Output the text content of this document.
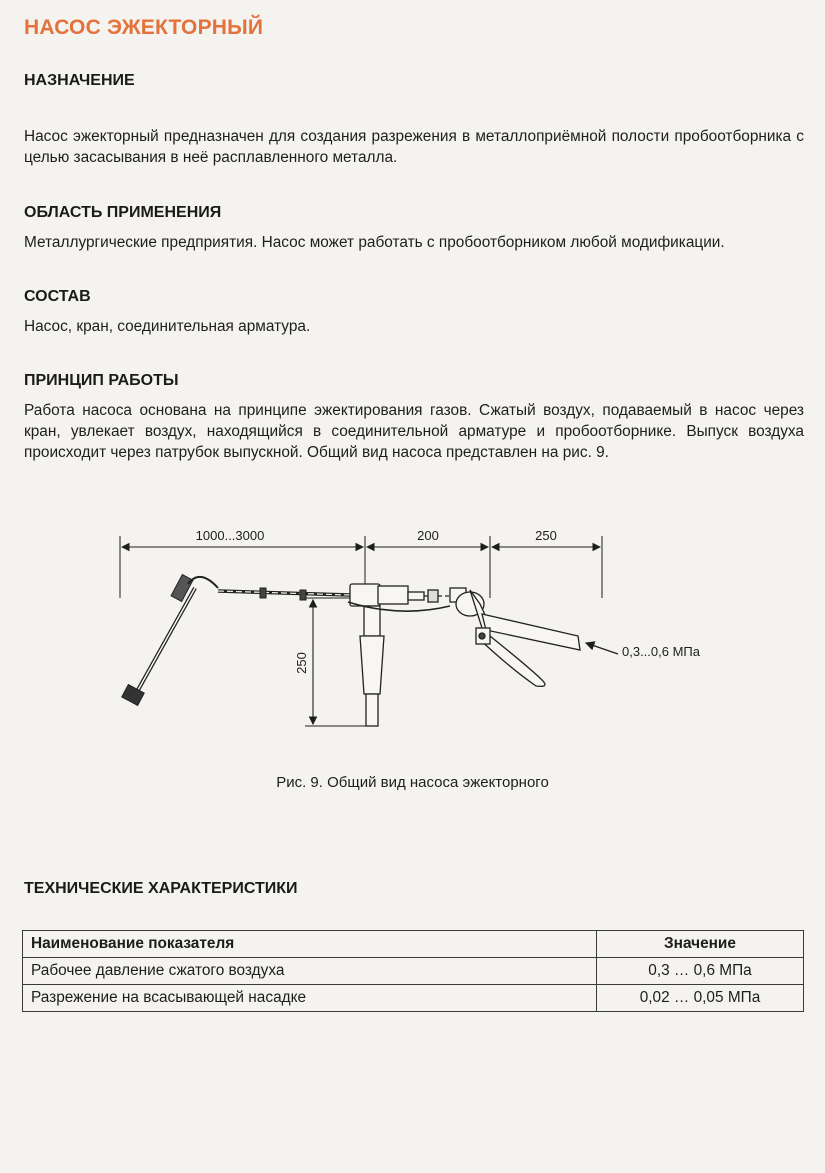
НАСОС ЭЖЕКТОРНЫЙ
НАЗНАЧЕНИЕ

Насос эжекторный предназначен для создания разрежения в металлоприёмной полости пробоотборника с целью засасывания в неё расплавленного металла.

ОБЛАСТЬ ПРИМЕНЕНИЯ

Металлургические предприятия. Насос может работать с пробоотборником любой модификации.

СОСТАВ

Насос, кран, соединительная арматура.

ПРИНЦИП РАБОТЫ

Работа насоса основана на принципе эжектирования газов. Сжатый воздух, подаваемый в насос через кран, увлекает воздух, находящийся в соединительной арматуре и пробоотборнике. Выпуск воздуха происходит через патрубок выпускной. Общий вид насоса представлен на рис. 9.

1000...3000	200	250
250
0,3...0,6 МПа

Рис. 9. Общий вид насоса эжекторного

ТЕХНИЧЕСКИЕ ХАРАКТЕРИСТИКИ
Наименование показателя	Значение
Рабочее давление сжатого воздуха	0,3 … 0,6 МПа
Разрежение на всасывающей насадке	0,02 … 0,05 МПа
